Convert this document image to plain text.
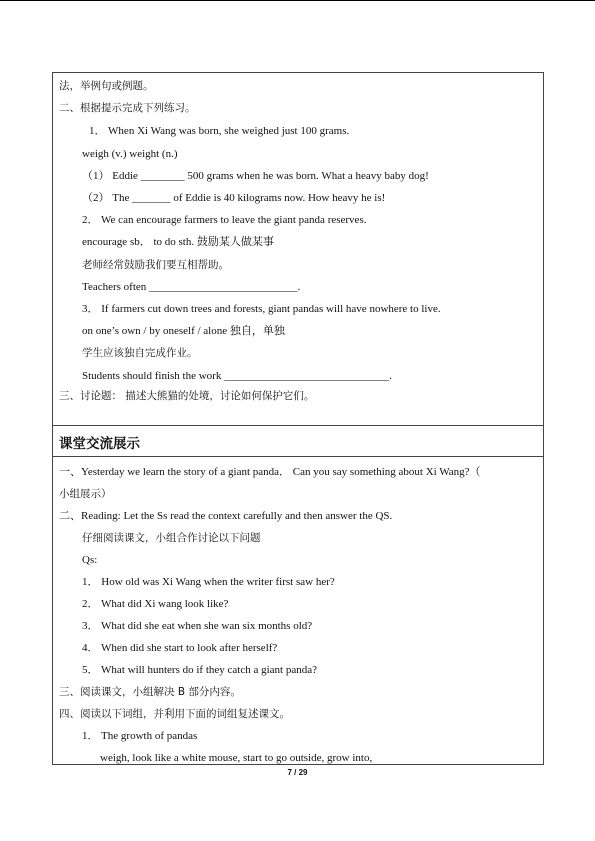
法，举例句或例题。
二、根据提示完成下列练习。
1． When Xi Wang was born, she weighed just 100 grams.
weigh (v.) weight (n.)
（1） Eddie ________ 500 grams when he was born. What a heavy baby dog!
（2） The _______ of Eddie is 40 kilograms now. How heavy he is!
2． We can encourage farmers to leave the giant panda reserves.
encourage sb． to do sth. 鼓励某人做某事
老师经常鼓励我们要互相帮助。
Teachers often ___________________________.
3． If farmers cut down trees and forests, giant pandas will have nowhere to live.
on one’s own / by oneself / alone 独自，单独
学生应该独自完成作业。
Students should finish the work ______________________________.
三、讨论题： 描述大熊猫的处境，讨论如何保护它们。
课堂交流展示
一、Yesterday we learn the story of a giant panda． Can you say something about Xi Wang?（
小组展示）
二、Reading: Let the Ss read the context carefully and then answer the QS.
仔细阅读课文，小组合作讨论以下问题
Qs:
1． How old was Xi Wang when the writer first saw her?
2． What did Xi wang look like?
3． What did she eat when she wan six months old?
4． When did she start to look after herself?
5． What will hunters do if they catch a giant panda?
三、阅读课文，小组解决 B 部分内容。
四、阅读以下词组，并利用下面的词组复述课文。
1． The growth of pandas
weigh, look like a white mouse, start to go outside, grow into,
7 / 29
